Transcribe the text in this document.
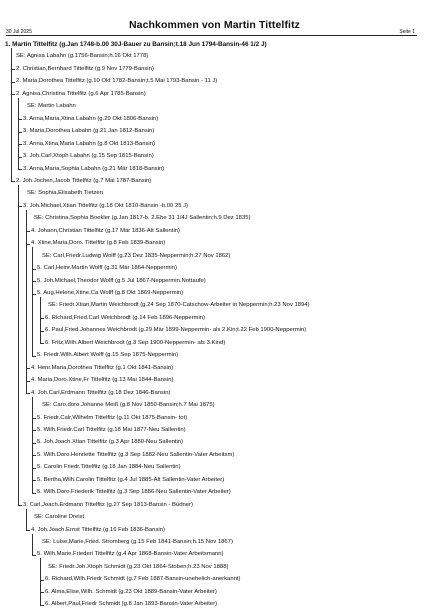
Nachkommen von Martin Tittelfitz
30 Jul 2025	Seite 1
1. Martin Tittelfitz (g.Jan 1748-b.00 30J-Bauer zu Bansin;t.18 Jun 1794-Bansin-46 1/2 J)
SE: Agnisa Labahn (g.1756-Bansin;h.16 Okt 1778)
2. Christian,Bernhard Tittelfitz (g.9 Nov 1779-Bansin)
2. Maria,Dorothea Tittelfitz (g.10 Okt 1782-Bansin;t.5 Mai 1793-Bansin - 11 J)
2. Agnisa,Christina Tittelfitz (g.6 Apr 1785-Bansin)
SE: Martin Labahn
3. Anna,Maria,Xtina Labahn (g.29 Okt 1806-Bansin)
3. Maria,Dorothea Labahn (g.21 Jan 1812-Bansin)
3. Anna,Xtina,Maria Labahn (g.8 Okt 1813-Bansin)
3. Joh.Carl,Xtoph Labahn (g.15 Sep 1815-Bansin)
3. Anna,Maria,Sophia Labahn (g.21 Mär 1818-Bansin)
2. Joh.Jochen,Jacob Tittelfitz (g.7 Mai 1787-Bansin)
SE: Sophia,Elisabeth Tietzen
3. Joh.Michael,Xtian Tittelfitz (g.18 Okt 1810-Bansin -b.00 25 J)
SE: Christina,Sophia Boekler (g.Jan 1817-b. 2.Ehe 31 1/4J Sallentin;h.9 Dez 1835)
4. Johann,Christian Tittelfitz (g.17 Mär 1836-Alt Sallentin)
4. Xtine,Maria,Doro. Tittelfitz (g.8 Feb 1839-Bansin)
SE: Carl,Friedr.Ludwig Wolff (g.23 Dez 1835-Neppermin;h.27 Nov 1862)
5. Carl,Heinr.Martin Wolff (g.31 Mär 1864-Neppermin)
5. Joh.Michael,Theodor Wolff (g.5 Jul 1867-Neppermin.Nottaufe)
5. Aug.Helene,Xtine,Ca Wolff (g.8 Okt 1869-Neppermin)
SE: Friedr.Xtian,Martin Weichbrodt (g.24 Sep 1870-Catschow-Arbeiter in Neppermin;h.23 Nov 1894)
6. Richard,Fried.Carl Weichbrodt (g.14 Feb 1896-Neppermin)
6. Paul,Fried.Johannes Weichbrodt (g.29 Mär 1899-Neppermin- als 2.Kin;t.22 Feb 1900-Neppermin)
6. Fritz,Wilh.Albert Weichbrodt (g.3 Sep 1900-Neppermin- als 3.Kind)
5. Friedr.Wilh.Albert Wolff (g.15 Sep 1875-Neppermin)
4. Henr.Maria,Dorothea Tittelfitz (g.1 Okt 1841-Bansin)
4. Maria,Doro.Xtine,Fr Tittelfitz (g.13 Mai 1844-Bansin)
4. Joh.Carl,Erdmann Tittelfitz (g.18 Dez 1846-Bansin)
SE: Caro.doro.Johanne Meiß (g.8 Nov 1850-Bansin;h.7 Mai 1875)
5. Friedr.Calr,Wilhelm Tittelfitz (g.11 Okt 1875-Bansin- tot)
5. Wilh.Friedr.Carl Tittelfitz (g.18 Mai 1877-Neu Sallentin)
5. Joh.Joach.Xtian Tittelfitz (g.3 Apr 1880-Neu Sallentin)
5. Wilh.Doro.Henriette Tittelfitz (g.3 Sep 1882-Neu Sallentin-Vater Arbeitsm)
5. Carolin Friedr.Tittelfitz (g.18 Jan 1884-Neu Sallentin)
5. Bertha,Wilh.Carolin Tittelfitz (g.4 Jul 1885-Alt Sallentin-Vater Arbeiter)
5. Wilh.Doro.Friederik Tittelfitz (g.3 Sep 1886-Neu Sallentin-Vater Arbeiter)
3. Carl,Joach.Erdmann Tittelfitz (g.27 Sep 1813-Bansin - Büdner)
SE: Caroline Dreist
4. Joh.Joach.Ernst Tittelfitz (g.16 Feb 1836-Bansin)
SE: Luise,Marie,Fried. Stromberg (g.15 Feb 1841-Bansin;h.15 Nov 1867)
5. Wilh.Marie.Friederi Tittelfitz (g.4 Apr 1868-Bansin-Vater Arbeitsmann)
SE: Friedr.Joh.Xtoph Schmidt (g.23 Okt 1864-Stoben;h.23 Nov 1888)
6. Richard,Wilh.Friedr Schmidt (g.7 Feb 1887-Bansin-unehelich-anerkannt)
6. Alma,Elise,Wilh. Schmidt (g.23 Okt 1889-Bansin-Vater Arbeiter)
6. Albert,Paul,Friedr Schmidt (g.8 Jan 1893-Bansin-Vater Arbeiter)
